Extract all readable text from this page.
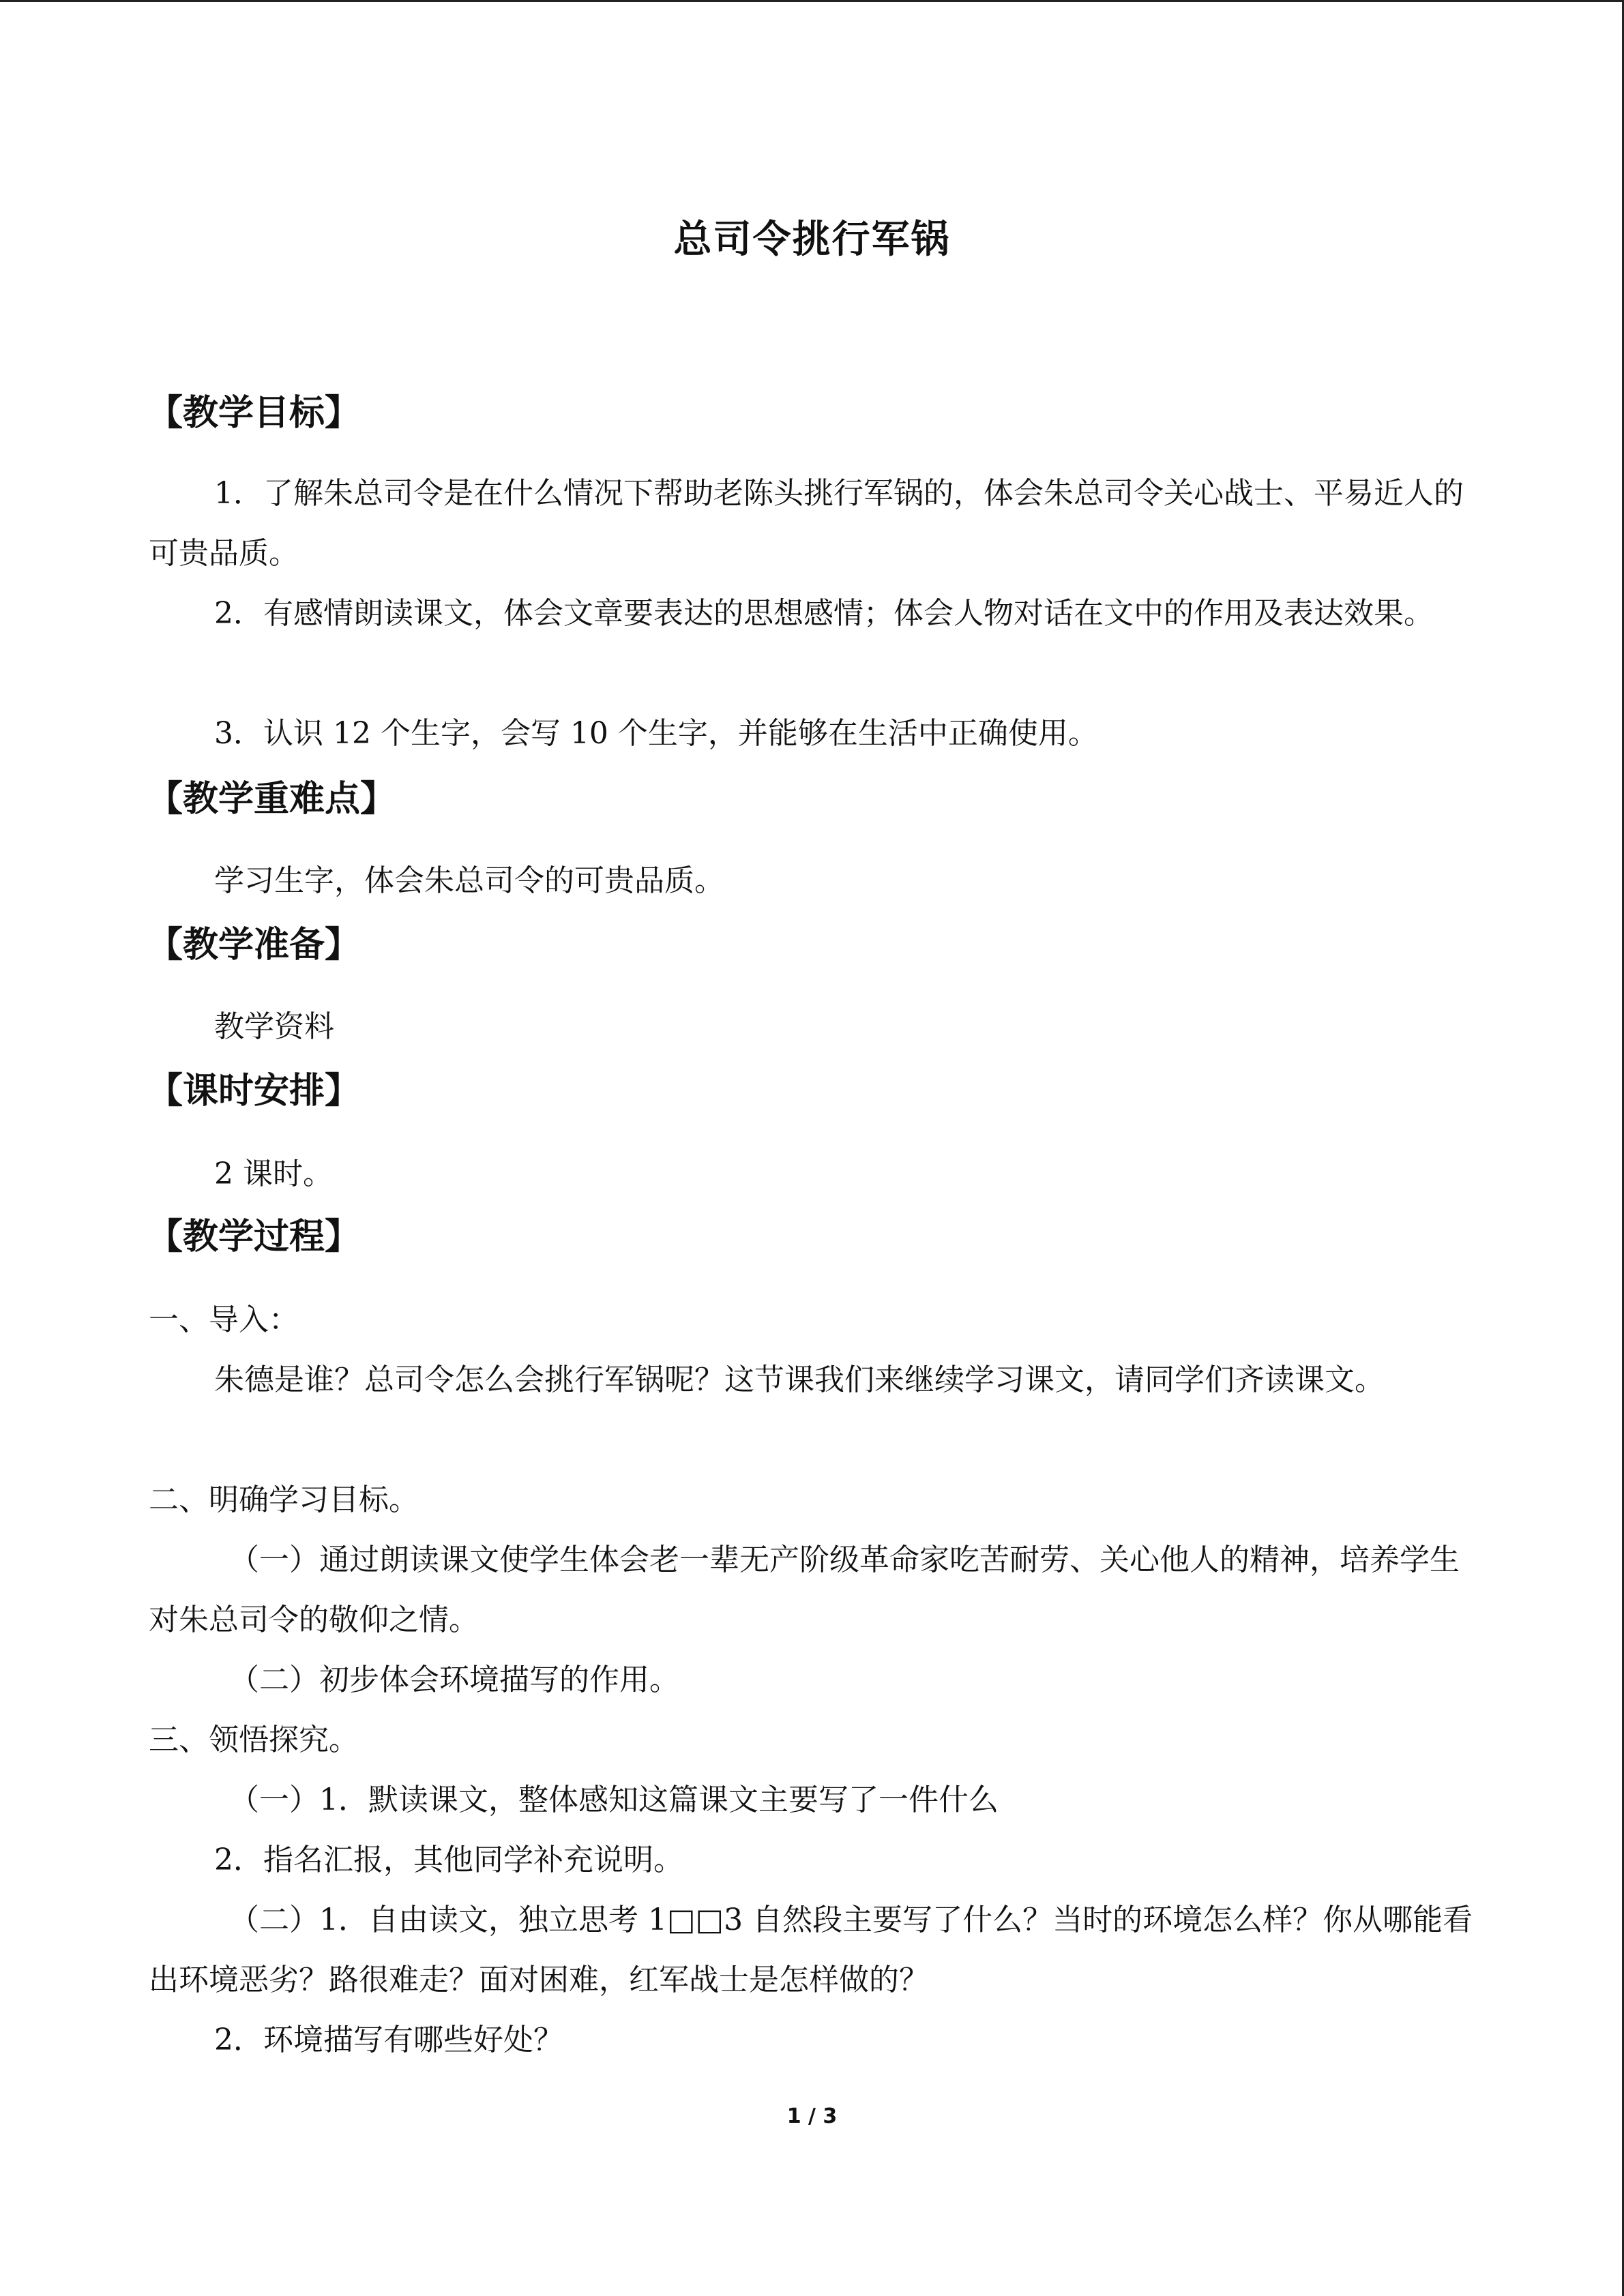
总司令挑行军锅
【教学目标】
1．了解朱总司令是在什么情况下帮助老陈头挑行军锅的，体会朱总司令关心战士、平易近人的可贵品质。
2．有感情朗读课文，体会文章要表达的思想感情；体会人物对话在文中的作用及表达效果。
3．认识 12 个生字，会写 10 个生字，并能够在生活中正确使用。
【教学重难点】
学习生字，体会朱总司令的可贵品质。
【教学准备】
教学资料
【课时安排】
2 课时。
【教学过程】
一、导入：
朱德是谁？总司令怎么会挑行军锅呢？这节课我们来继续学习课文，请同学们齐读课文。
二、明确学习目标。
（一）通过朗读课文使学生体会老一辈无产阶级革命家吃苦耐劳、关心他人的精神，培养学生对朱总司令的敬仰之情。
（二）初步体会环境描写的作用。
三、领悟探究。
（一）1．默读课文，整体感知这篇课文主要写了一件什么
2．指名汇报，其他同学补充说明。
（二）1．自由读文，独立思考 1□□3 自然段主要写了什么？当时的环境怎么样？你从哪能看出环境恶劣？路很难走？面对困难，红军战士是怎样做的？
2．环境描写有哪些好处？
1 / 3
